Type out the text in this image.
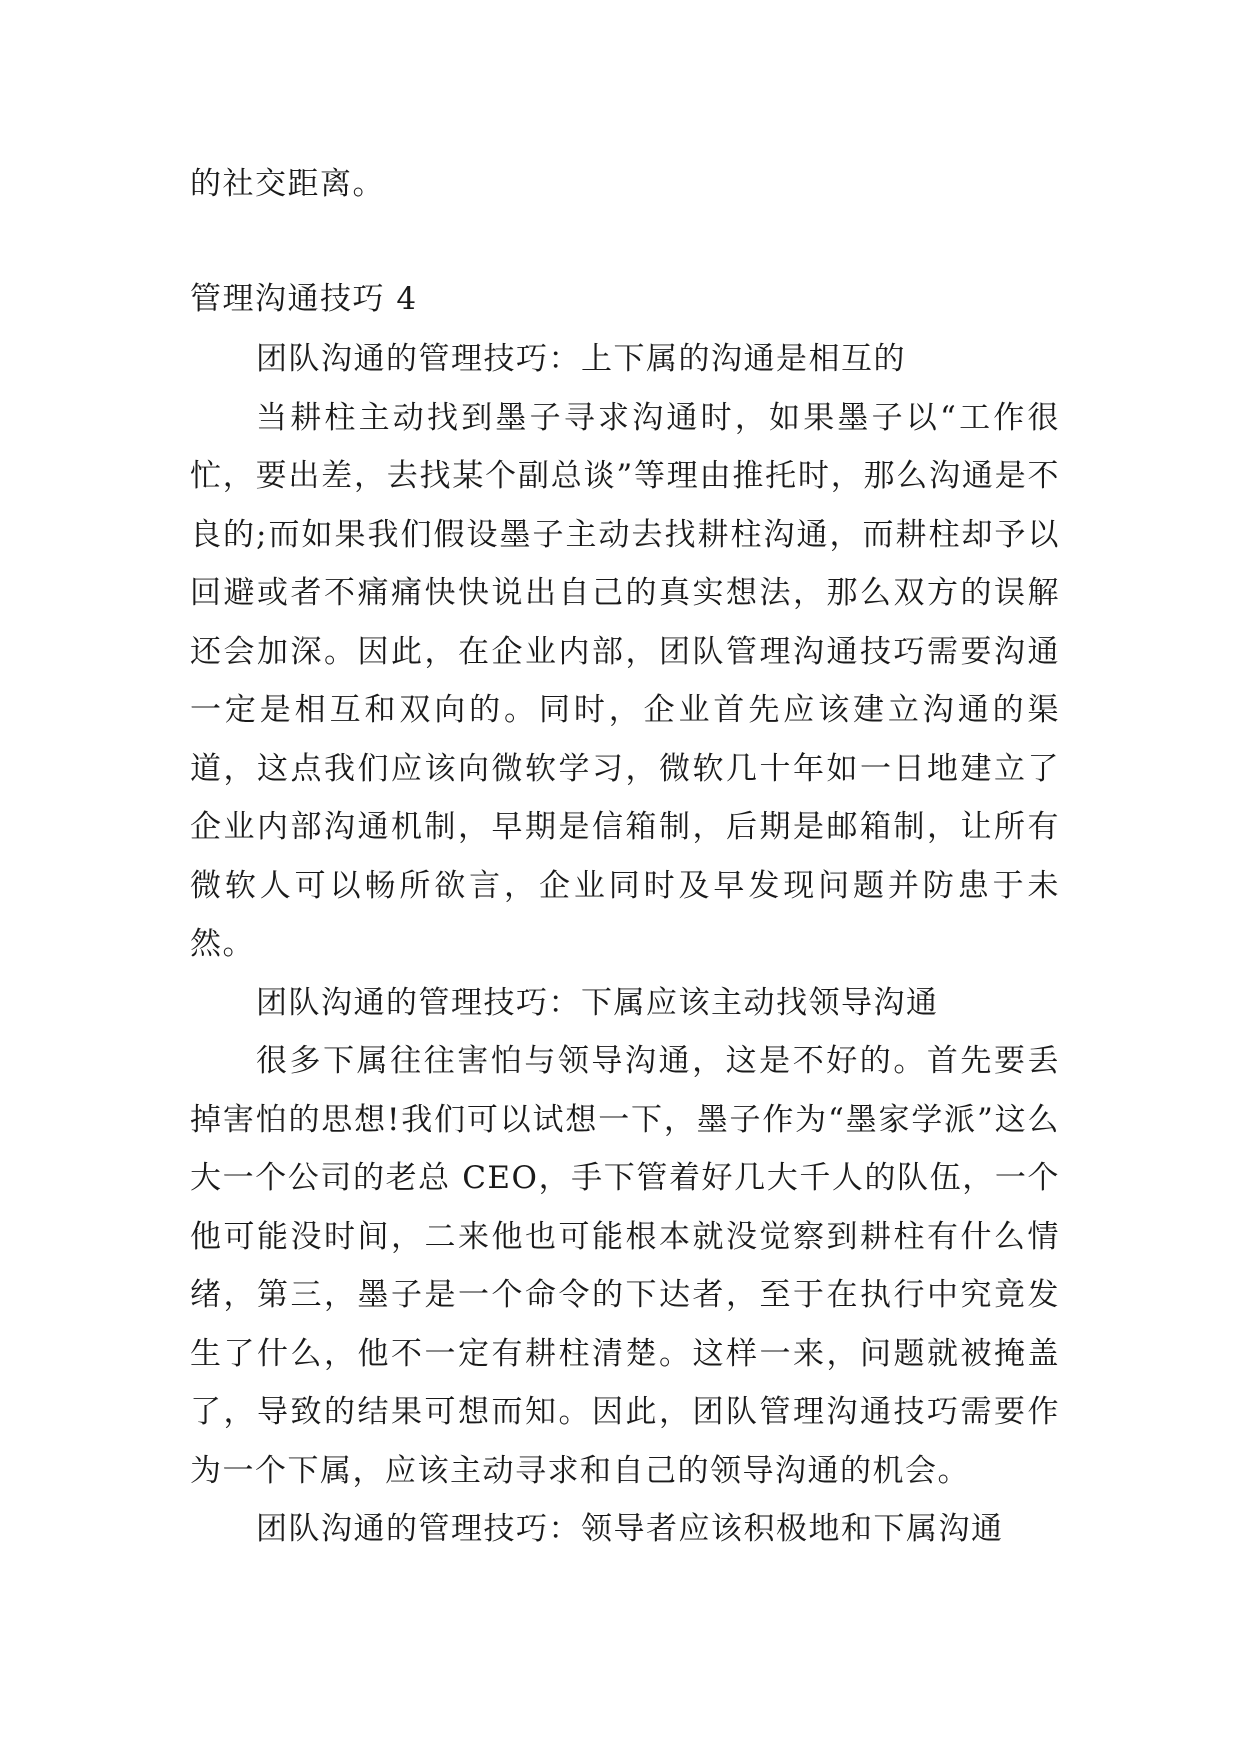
的社交距离。

管理沟通技巧 4

团队沟通的管理技巧：上下属的沟通是相互的

当耕柱主动找到墨子寻求沟通时，如果墨子以“工作很忙，要出差，去找某个副总谈”等理由推托时，那么沟通是不良的;而如果我们假设墨子主动去找耕柱沟通，而耕柱却予以回避或者不痛痛快快说出自己的真实想法，那么双方的误解还会加深。因此，在企业内部，团队管理沟通技巧需要沟通一定是相互和双向的。同时，企业首先应该建立沟通的渠道，这点我们应该向微软学习，微软几十年如一日地建立了企业内部沟通机制，早期是信箱制，后期是邮箱制，让所有微软人可以畅所欲言，企业同时及早发现问题并防患于未然。

团队沟通的管理技巧：下属应该主动找领导沟通

很多下属往往害怕与领导沟通，这是不好的。首先要丢掉害怕的思想!我们可以试想一下，墨子作为“墨家学派”这么大一个公司的老总 CEO，手下管着好几大千人的队伍，一个他可能没时间，二来他也可能根本就没觉察到耕柱有什么情绪，第三，墨子是一个命令的下达者，至于在执行中究竟发生了什么，他不一定有耕柱清楚。这样一来，问题就被掩盖了，导致的结果可想而知。因此，团队管理沟通技巧需要作为一个下属，应该主动寻求和自己的领导沟通的机会。

团队沟通的管理技巧：领导者应该积极地和下属沟通
